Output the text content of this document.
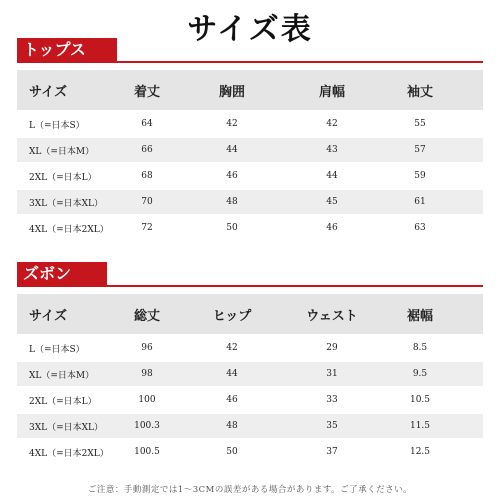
サイズ表
トップス
サイズ	着丈	胸囲	肩幅	袖丈
L（=日本S）	64	42	42	55
XL（=日本M）	66	44	43	57
2XL（=日本L）	68	46	44	59
3XL（=日本XL）	70	48	45	61
4XL（=日本2XL）	72	50	46	63
ズボン
サイズ	総丈	ヒップ	ウェスト	裾幅
L（=日本S）	96	42	29	8.5
XL（=日本M）	98	44	31	9.5
2XL（=日本L）	100	46	33	10.5
3XL（=日本XL）	100.3	48	35	11.5
4XL（=日本2XL）	100.5	50	37	12.5
ご注意：手動測定では1～3CMの誤差がある場合があります。ご了承ください。
